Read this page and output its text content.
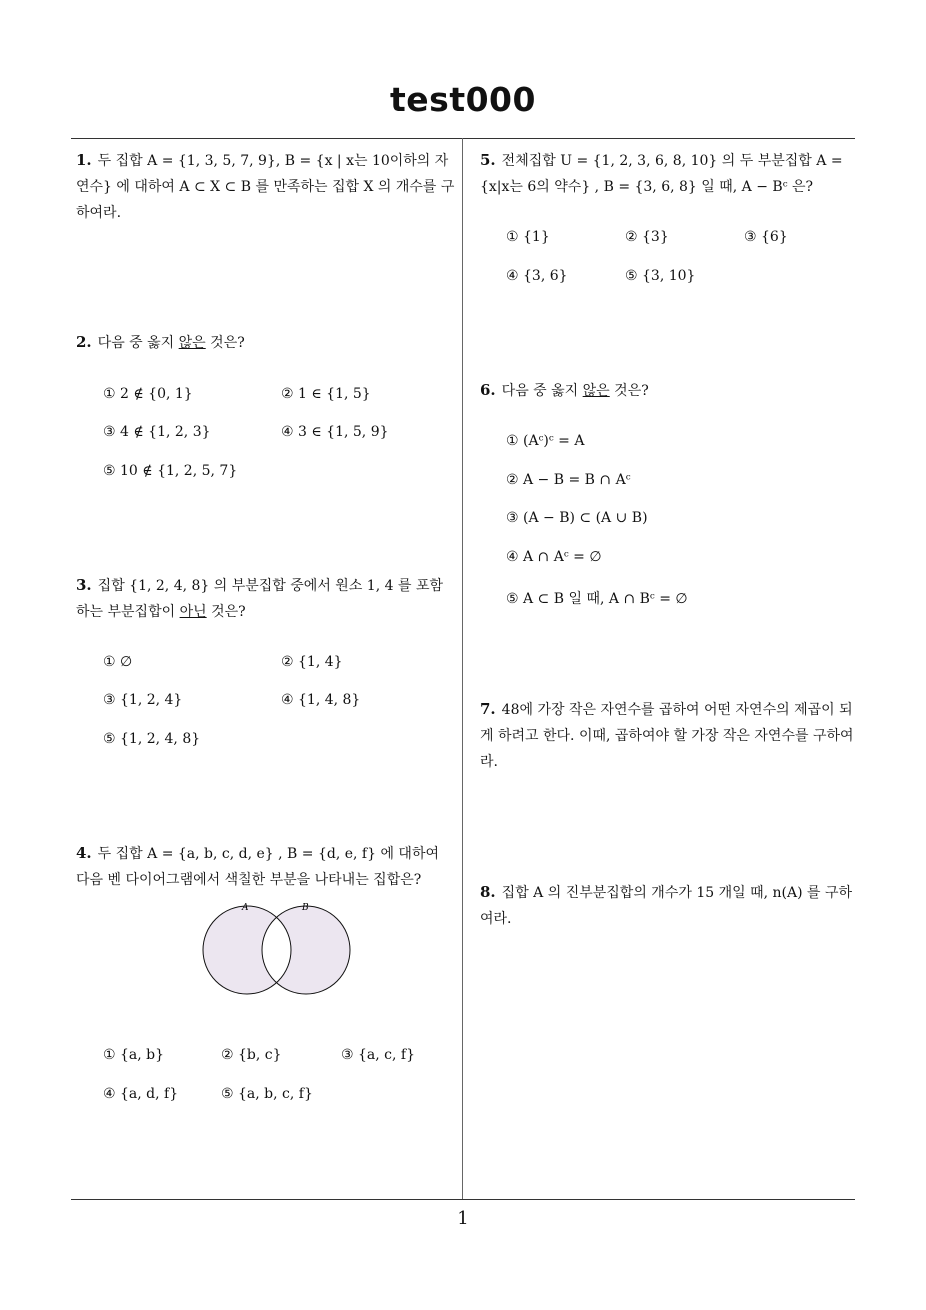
test000
1
1. 두 집합 A = {1, 3, 5, 7, 9}, B = {x | x는 10이하의 자연수} 에 대하여 A ⊂ X ⊂ B 를 만족하는 집합 X 의 개수를 구하여라.
2. 다음 중 옳지 않은 것은?
① 2 ∉ {0, 1}	② 1 ∈ {1, 5}
③ 4 ∉ {1, 2, 3}	④ 3 ∈ {1, 5, 9}
⑤ 10 ∉ {1, 2, 5, 7}
3. 집합 {1, 2, 4, 8} 의 부분집합 중에서 원소 1, 4 를 포함하는 부분집합이 아닌 것은?
① ∅	② {1, 4}
③ {1, 2, 4}	④ {1, 4, 8}
⑤ {1, 2, 4, 8}
4. 두 집합 A = {a, b, c, d, e} , B = {d, e, f} 에 대하여 다음 벤 다이어그램에서 색칠한 부분을 나타내는 집합은?
A	B
① {a, b}	② {b, c}	③ {a, c, f}
④ {a, d, f}	⑤ {a, b, c, f}
5. 전체집합 U = {1, 2, 3, 6, 8, 10} 의 두 부분집합 A = {x|x는 6의 약수} , B = {3, 6, 8} 일 때, A − Bᶜ 은?
① {1}	② {3}	③ {6}
④ {3, 6}	⑤ {3, 10}
6. 다음 중 옳지 않은 것은?
① (Aᶜ)ᶜ = A
② A − B = B ∩ Aᶜ
③ (A − B) ⊂ (A ∪ B)
④ A ∩ Aᶜ = ∅
⑤ A ⊂ B 일 때, A ∩ Bᶜ = ∅
7. 48에 가장 작은 자연수를 곱하여 어떤 자연수의 제곱이 되게 하려고 한다. 이때, 곱하여야 할 가장 작은 자연수를 구하여라.
8. 집합 A 의 진부분집합의 개수가 15 개일 때, n(A) 를 구하여라.
